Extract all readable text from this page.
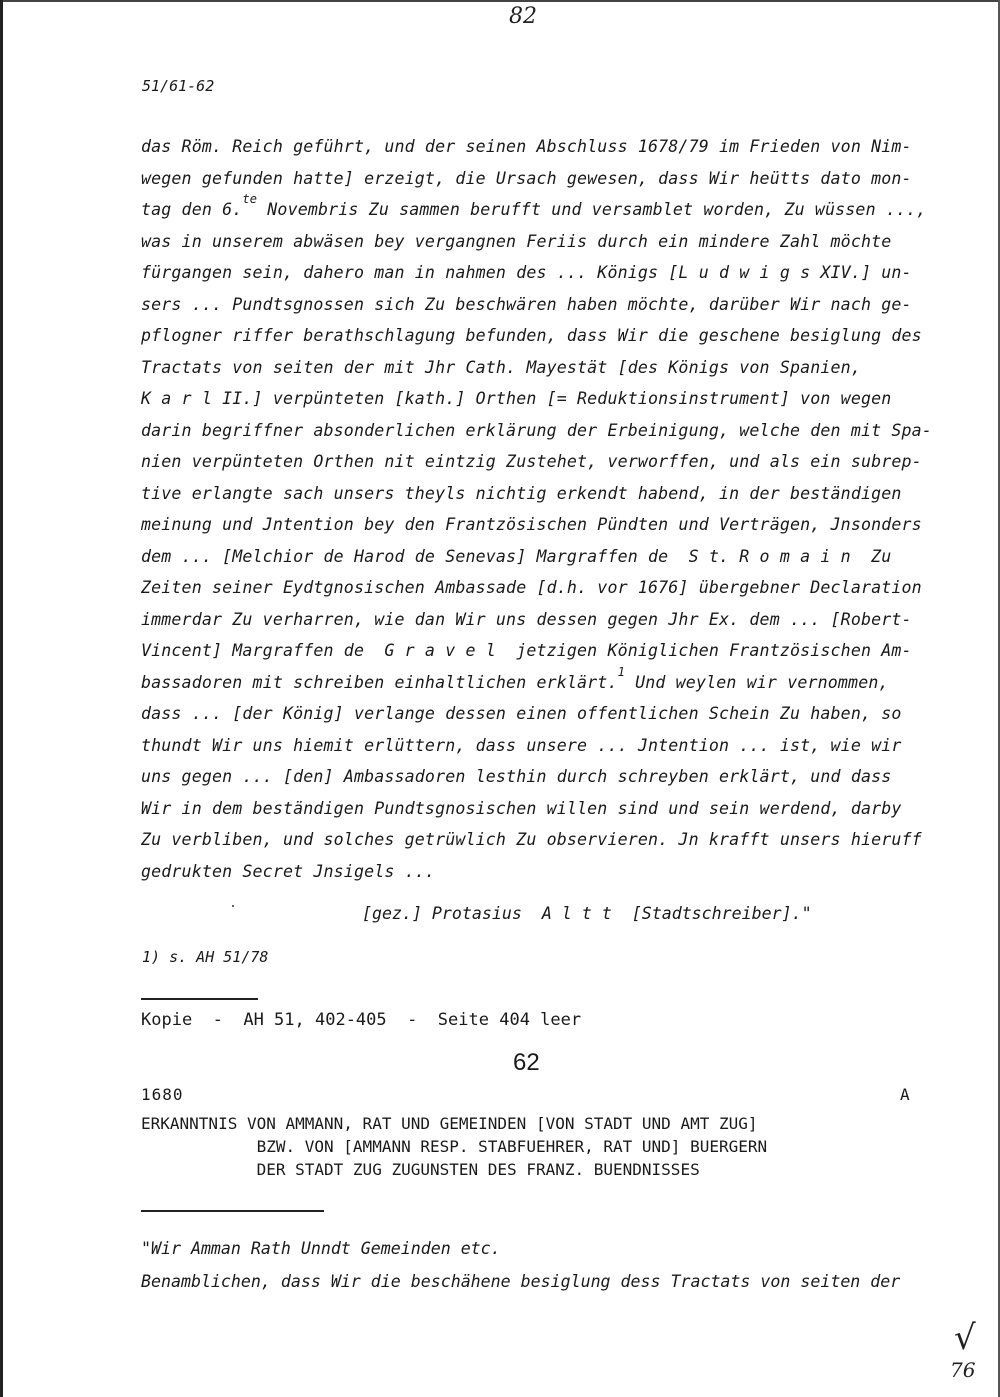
82
51/61-62
das Röm. Reich geführt, und der seinen Abschluss 1678/79 im Frieden von Nim-
wegen gefunden hatte] erzeigt, die Ursach gewesen, dass Wir heütts dato mon-
tag den 6.$^{te}$ Novembris Zu sammen berufft und versamblet worden, Zu wüssen ...,
was in unserem abwäsen bey vergangnen Feriis durch ein mindere Zahl möchte
fürgangen sein, dahero man in nahmen des ... Königs [L u d w i g s XIV.] un-
sers ... Pundtsgnossen sich Zu beschwären haben möchte, darüber Wir nach ge-
pflogner riffer berathschlagung befunden, dass Wir die geschene besiglung des
Tractats von seiten der mit Jhr Cath. Mayestät [des Königs von Spanien,
K a r l II.] verpünteten [kath.] Orthen [= Reduktionsinstrument] von wegen
darin begriffner absonderlichen erklärung der Erbeinigung, welche den mit Spa-
nien verpünteten Orthen nit eintzig Zustehet, verworffen, und als ein subrep-
tive erlangte sach unsers theyls nichtig erkendt habend, in der beständigen
meinung und Jntention bey den Frantzösischen Pündten und Verträgen, Jnsonders
dem ... [Melchior de Harod de Senevas] Margraffen de  S t. R o m a i n  Zu
Zeiten seiner Eydtgnosischen Ambassade [d.h. vor 1676] übergebner Declaration
immerdar Zu verharren, wie dan Wir uns dessen gegen Jhr Ex. dem ... [Robert-
Vincent] Margraffen de  G r a v e l  jetzigen Königlichen Frantzösischen Am-
bassadoren mit schreiben einhaltlichen erklärt.$^1$ Und weylen wir vernommen,
dass ... [der König] verlange dessen einen offentlichen Schein Zu haben, so
thundt Wir uns hiemit erlüttern, dass unsere ... Jntention ... ist, wie wir
uns gegen ... [den] Ambassadoren lesthin durch schreyben erklärt, und dass
Wir in dem beständigen Pundtsgnosischen willen sind und sein werdend, darby
Zu verbliben, und solches getrüwlich Zu observieren. Jn krafft unsers hieruff
gedrukten Secret Jnsigels ...
[gez.] Protasius  A l t t  [Stadtschreiber]."
1) s. AH 51/78
Kopie  -  AH 51, 402-405  -  Seite 404 leer
62
1680	A
ERKANNTNIS VON AMMANN, RAT UND GEMEINDEN [VON STADT UND AMT ZUG]
BZW. VON [AMMANN RESP. STABFUEHRER, RAT UND] BUERGERN
DER STADT ZUG ZUGUNSTEN DES FRANZ. BUENDNISSES
"Wir Amman Rath Unndt Gemeinden etc.
Benamblichen, dass Wir die beschähene besiglung dess Tractats von seiten der
√
76
